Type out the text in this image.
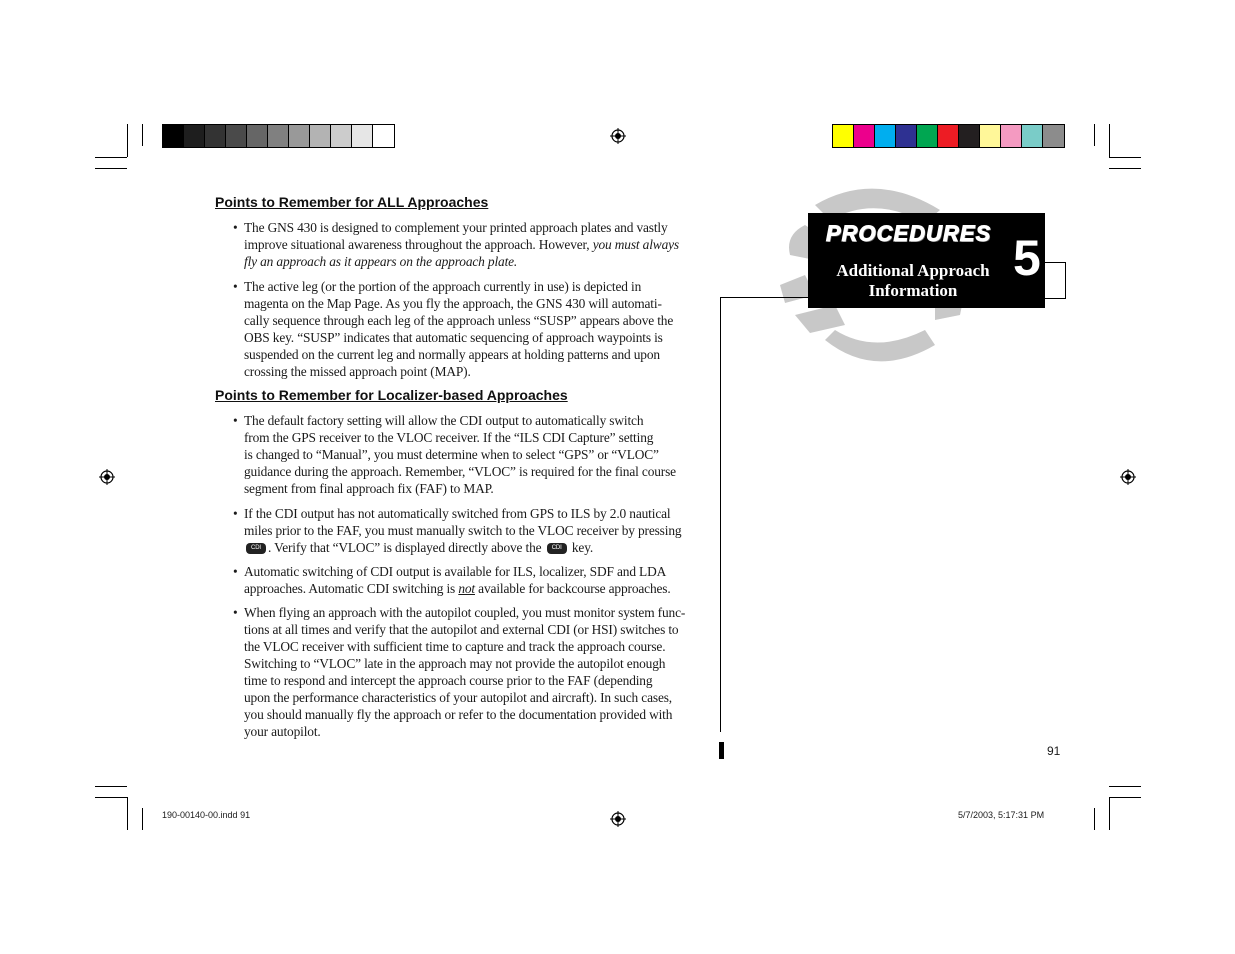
PROCEDURES
Additional Approach
Information
5
Points to Remember for ALL Approaches
• The GNS 430 is designed to complement your printed approach plates and vastly
improve situational awareness throughout the approach. However, you must always
fly an approach as it appears on the approach plate.
• The active leg (or the portion of the approach currently in use) is depicted in
magenta on the Map Page. As you fly the approach, the GNS 430 will automati-
cally sequence through each leg of the approach unless “SUSP” appears above the
OBS key. “SUSP” indicates that automatic sequencing of approach waypoints is
suspended on the current leg and normally appears at holding patterns and upon
crossing the missed approach point (MAP).
Points to Remember for Localizer-based Approaches
• The default factory setting will allow the CDI output to automatically switch
from the GPS receiver to the VLOC receiver. If the “ILS CDI Capture” setting
is changed to “Manual”, you must determine when to select “GPS” or “VLOC”
guidance during the approach. Remember, “VLOC” is required for the final course
segment from final approach fix (FAF) to MAP.
• If the CDI output has not automatically switched from GPS to ILS by 2.0 nautical
miles prior to the FAF, you must manually switch to the VLOC receiver by pressing
CDI . Verify that “VLOC” is displayed directly above the CDI key.
• Automatic switching of CDI output is available for ILS, localizer, SDF and LDA
approaches. Automatic CDI switching is not available for backcourse approaches.
• When flying an approach with the autopilot coupled, you must monitor system func-
tions at all times and verify that the autopilot and external CDI (or HSI) switches to
the VLOC receiver with sufficient time to capture and track the approach course.
Switching to “VLOC” late in the approach may not provide the autopilot enough
time to respond and intercept the approach course prior to the FAF (depending
upon the performance characteristics of your autopilot and aircraft). In such cases,
you should manually fly the approach or refer to the documentation provided with
your autopilot.
91
190-00140-00.indd 91	5/7/2003, 5:17:31 PM
